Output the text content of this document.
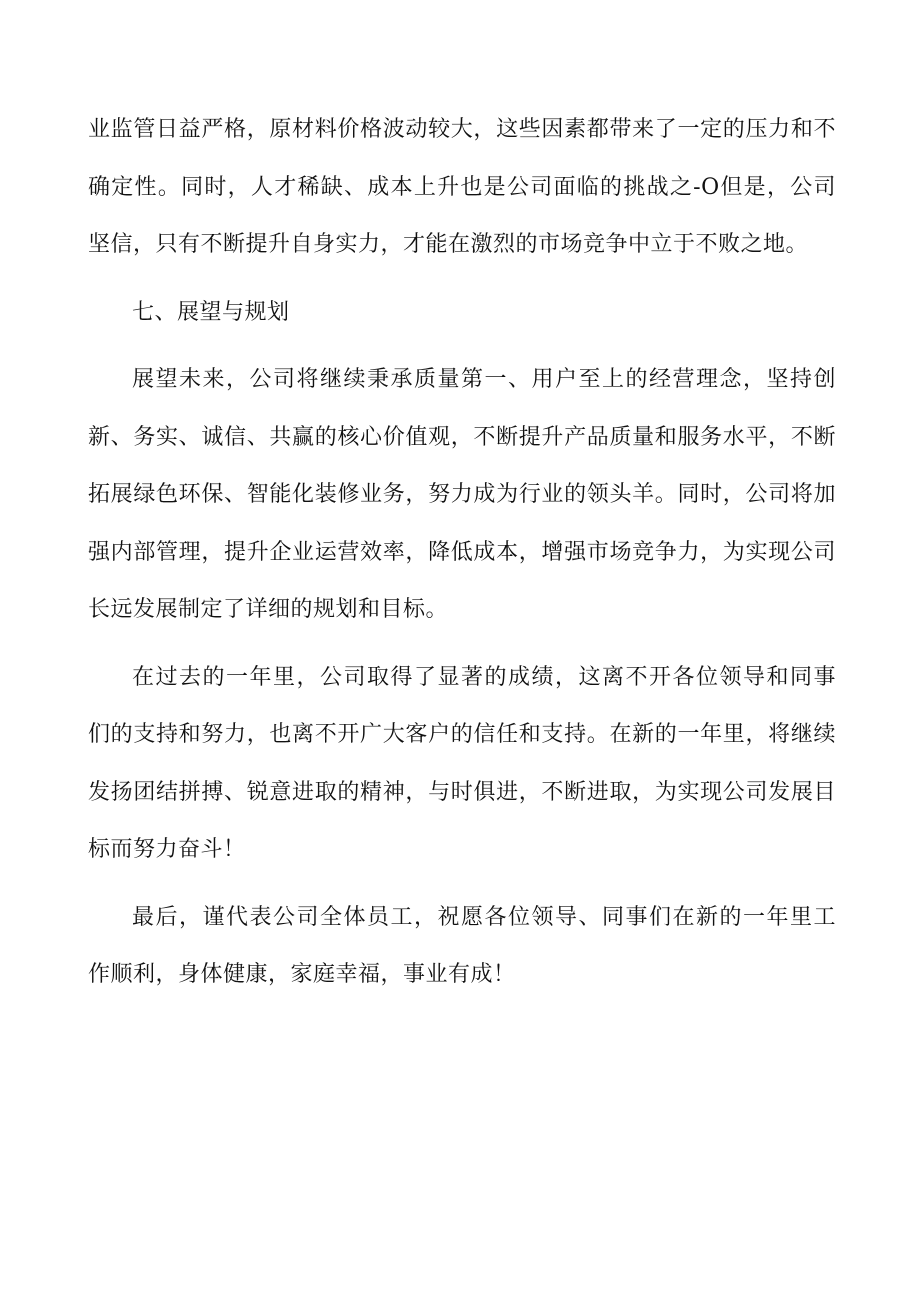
业监管日益严格，原材料价格波动较大，这些因素都带来了一定的压力和不
确定性。同时，人才稀缺、成本上升也是公司面临的挑战之-O但是，公司
坚信，只有不断提升自身实力，才能在激烈的市场竞争中立于不败之地。
七、展望与规划
展望未来，公司将继续秉承质量第一、用户至上的经营理念，坚持创
新、务实、诚信、共赢的核心价值观，不断提升产品质量和服务水平，不断
拓展绿色环保、智能化装修业务，努力成为行业的领头羊。同时，公司将加
强内部管理，提升企业运营效率，降低成本，增强市场竞争力，为实现公司
长远发展制定了详细的规划和目标。
在过去的一年里，公司取得了显著的成绩，这离不开各位领导和同事
们的支持和努力，也离不开广大客户的信任和支持。在新的一年里，将继续
发扬团结拼搏、锐意进取的精神，与时俱进，不断进取，为实现公司发展目
标而努力奋斗！
最后，谨代表公司全体员工，祝愿各位领导、同事们在新的一年里工
作顺利，身体健康，家庭幸福，事业有成！
